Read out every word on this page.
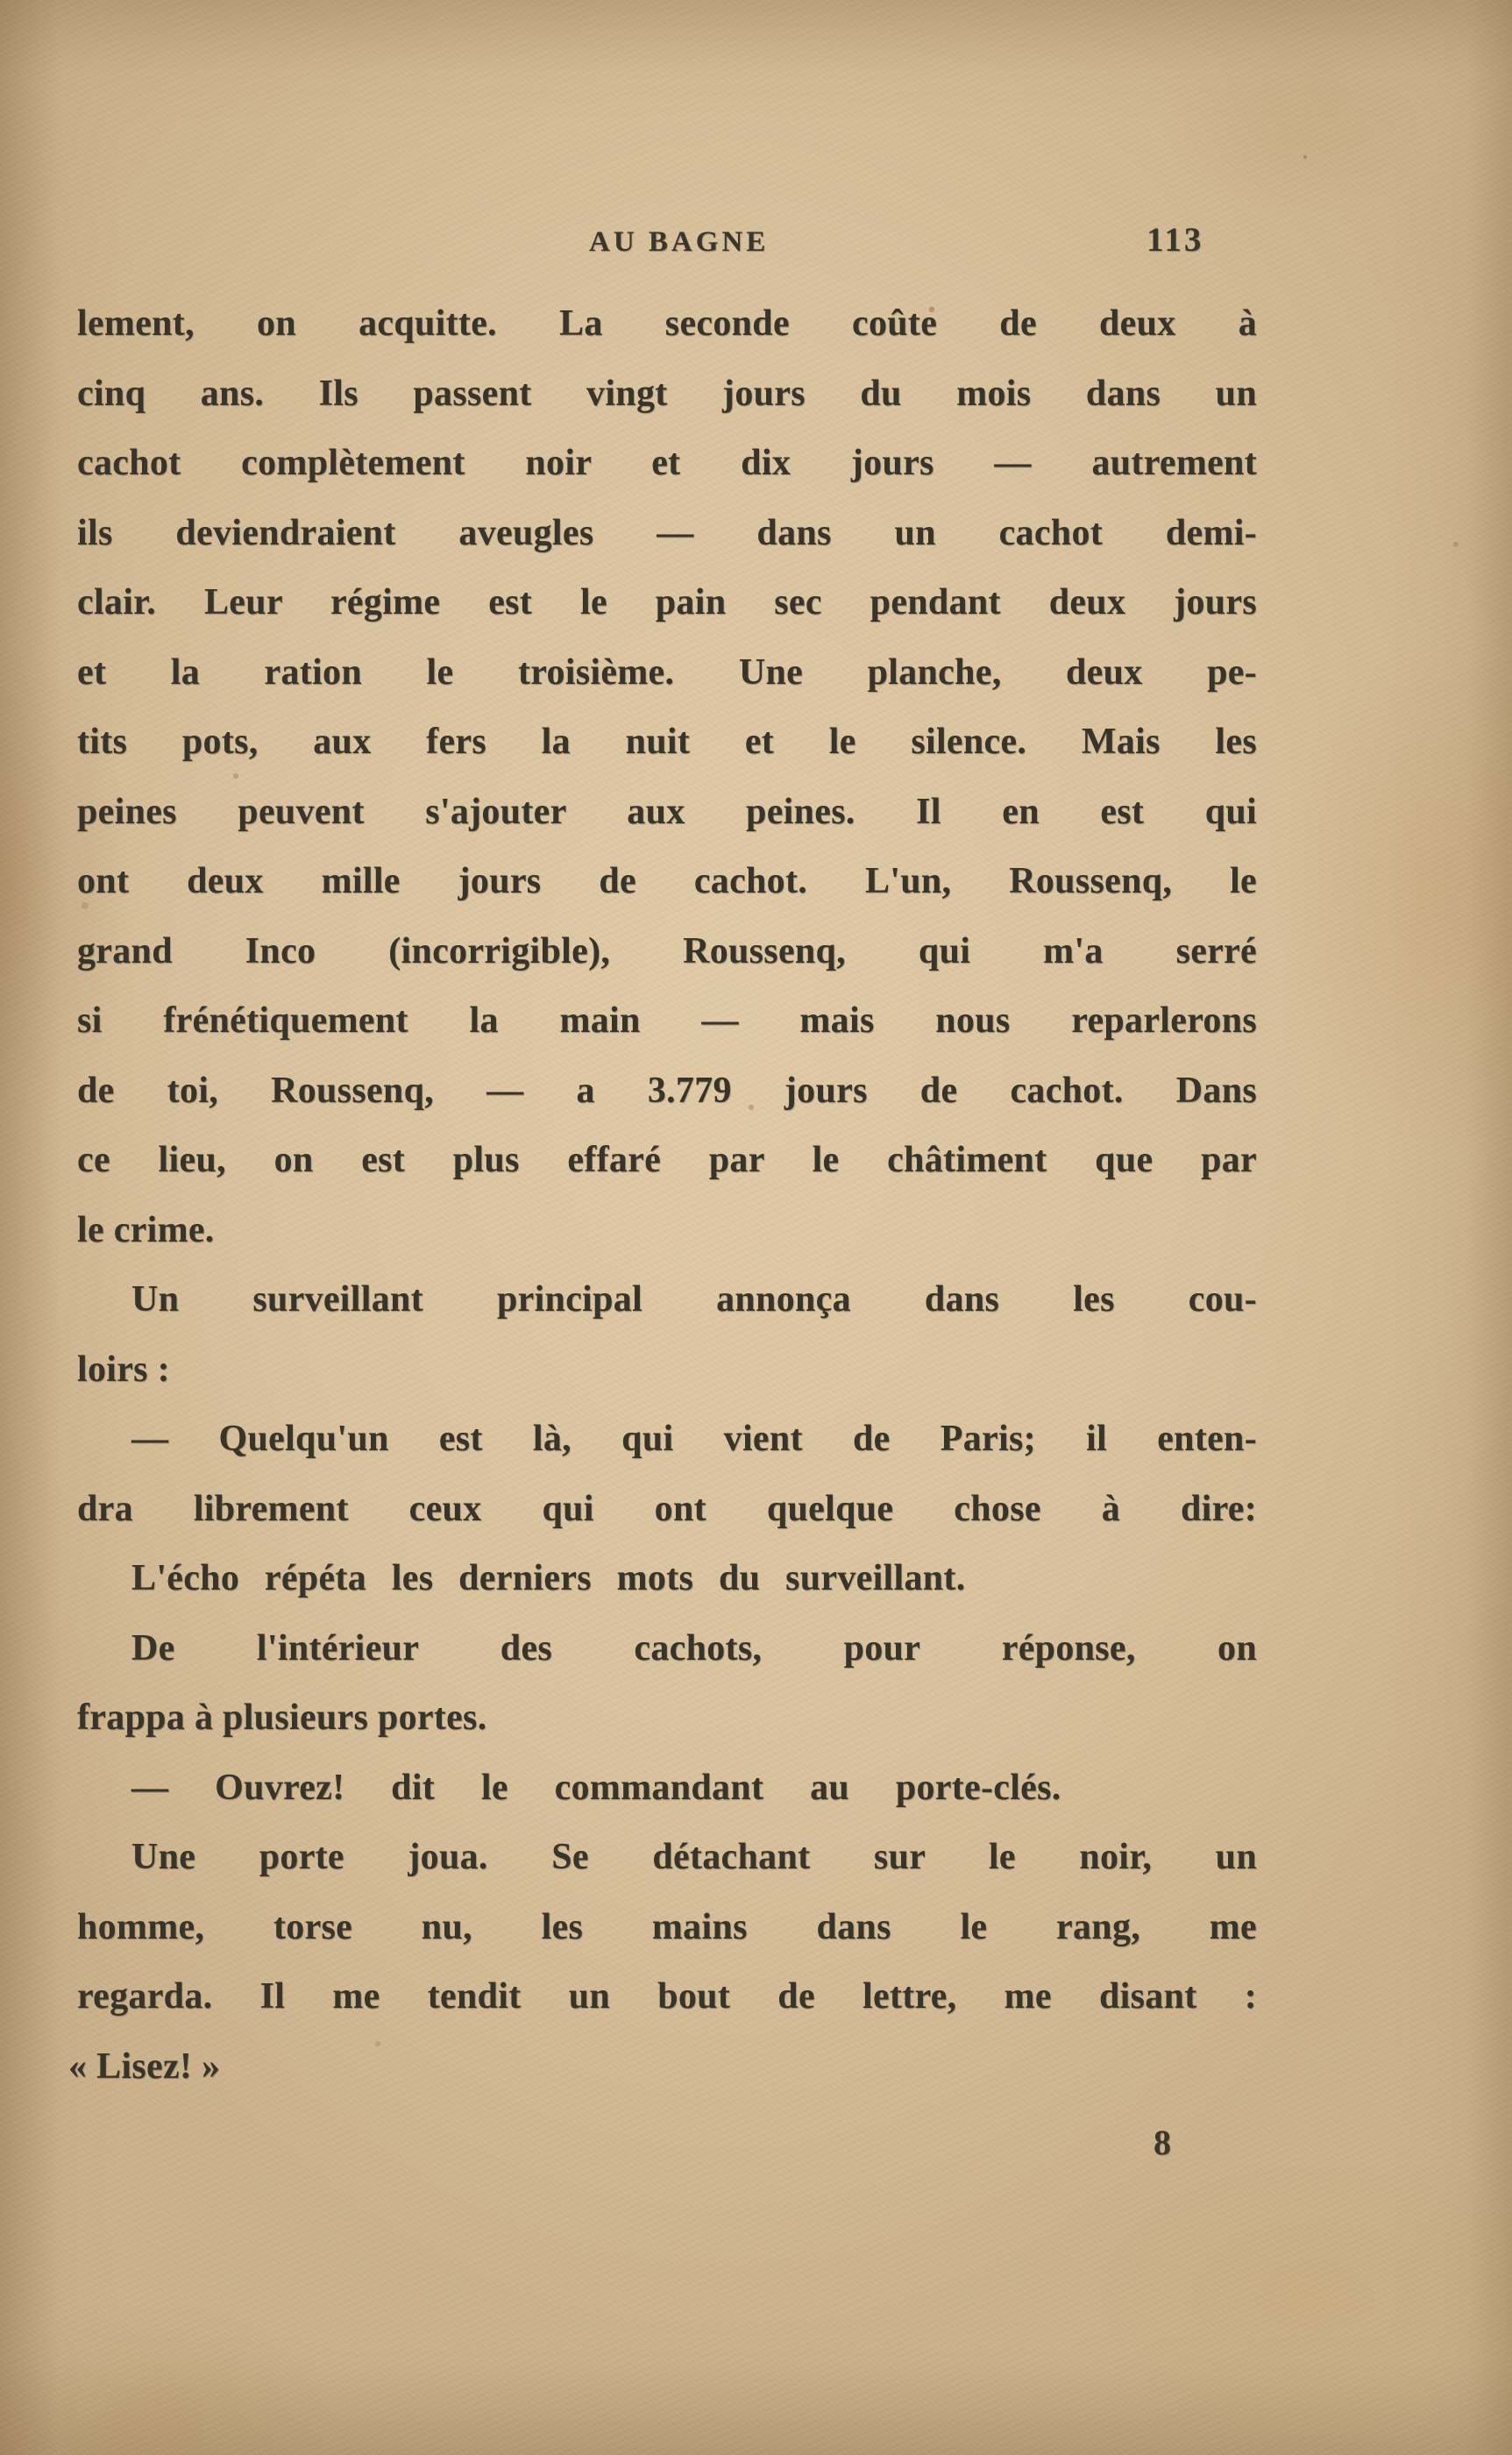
AU BAGNE	113
lement, on acquitte. La seconde coûte de deux à
cinq ans. Ils passent vingt jours du mois dans un
cachot complètement noir et dix jours — autrement
ils deviendraient aveugles — dans un cachot demi-
clair. Leur régime est le pain sec pendant deux jours
et la ration le troisième. Une planche, deux pe-
tits pots, aux fers la nuit et le silence. Mais les
peines peuvent s'ajouter aux peines. Il en est qui
ont deux mille jours de cachot. L'un, Roussenq, le
grand Inco (incorrigible), Roussenq, qui m'a serré
si frénétiquement la main — mais nous reparlerons
de toi, Roussenq, — a 3.779 jours de cachot. Dans
ce lieu, on est plus effaré par le châtiment que par
le crime.
Un surveillant principal annonça dans les cou-
loirs :
— Quelqu'un est là, qui vient de Paris; il enten-
dra librement ceux qui ont quelque chose à dire:
L'écho répéta les derniers mots du surveillant.
De l'intérieur des cachots, pour réponse, on
frappa à plusieurs portes.
— Ouvrez! dit le commandant au porte-clés.
Une porte joua. Se détachant sur le noir, un
homme, torse nu, les mains dans le rang, me
regarda. Il me tendit un bout de lettre, me disant :
« Lisez! »
8
